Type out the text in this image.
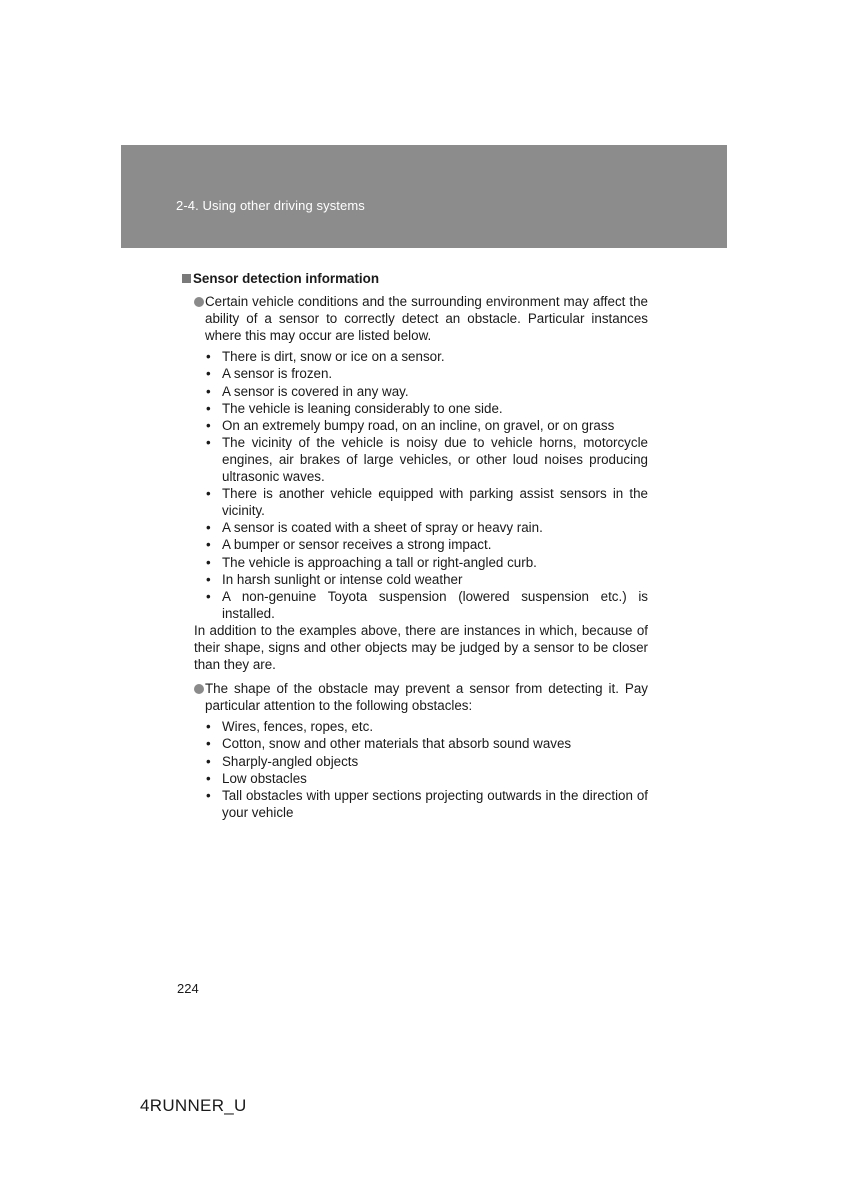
2-4. Using other driving systems
Sensor detection information
Certain vehicle conditions and the surrounding environment may affect the ability of a sensor to correctly detect an obstacle. Particular instances where this may occur are listed below.
• There is dirt, snow or ice on a sensor.
• A sensor is frozen.
• A sensor is covered in any way.
• The vehicle is leaning considerably to one side.
• On an extremely bumpy road, on an incline, on gravel, or on grass
• The vicinity of the vehicle is noisy due to vehicle horns, motorcycle engines, air brakes of large vehicles, or other loud noises producing ultrasonic waves.
• There is another vehicle equipped with parking assist sensors in the vicinity.
• A sensor is coated with a sheet of spray or heavy rain.
• A bumper or sensor receives a strong impact.
• The vehicle is approaching a tall or right-angled curb.
• In harsh sunlight or intense cold weather
• A non-genuine Toyota suspension (lowered suspension etc.) is installed.
In addition to the examples above, there are instances in which, because of their shape, signs and other objects may be judged by a sensor to be closer than they are.
The shape of the obstacle may prevent a sensor from detecting it. Pay particular attention to the following obstacles:
• Wires, fences, ropes, etc.
• Cotton, snow and other materials that absorb sound waves
• Sharply-angled objects
• Low obstacles
• Tall obstacles with upper sections projecting outwards in the direction of your vehicle
224
4RUNNER_U
